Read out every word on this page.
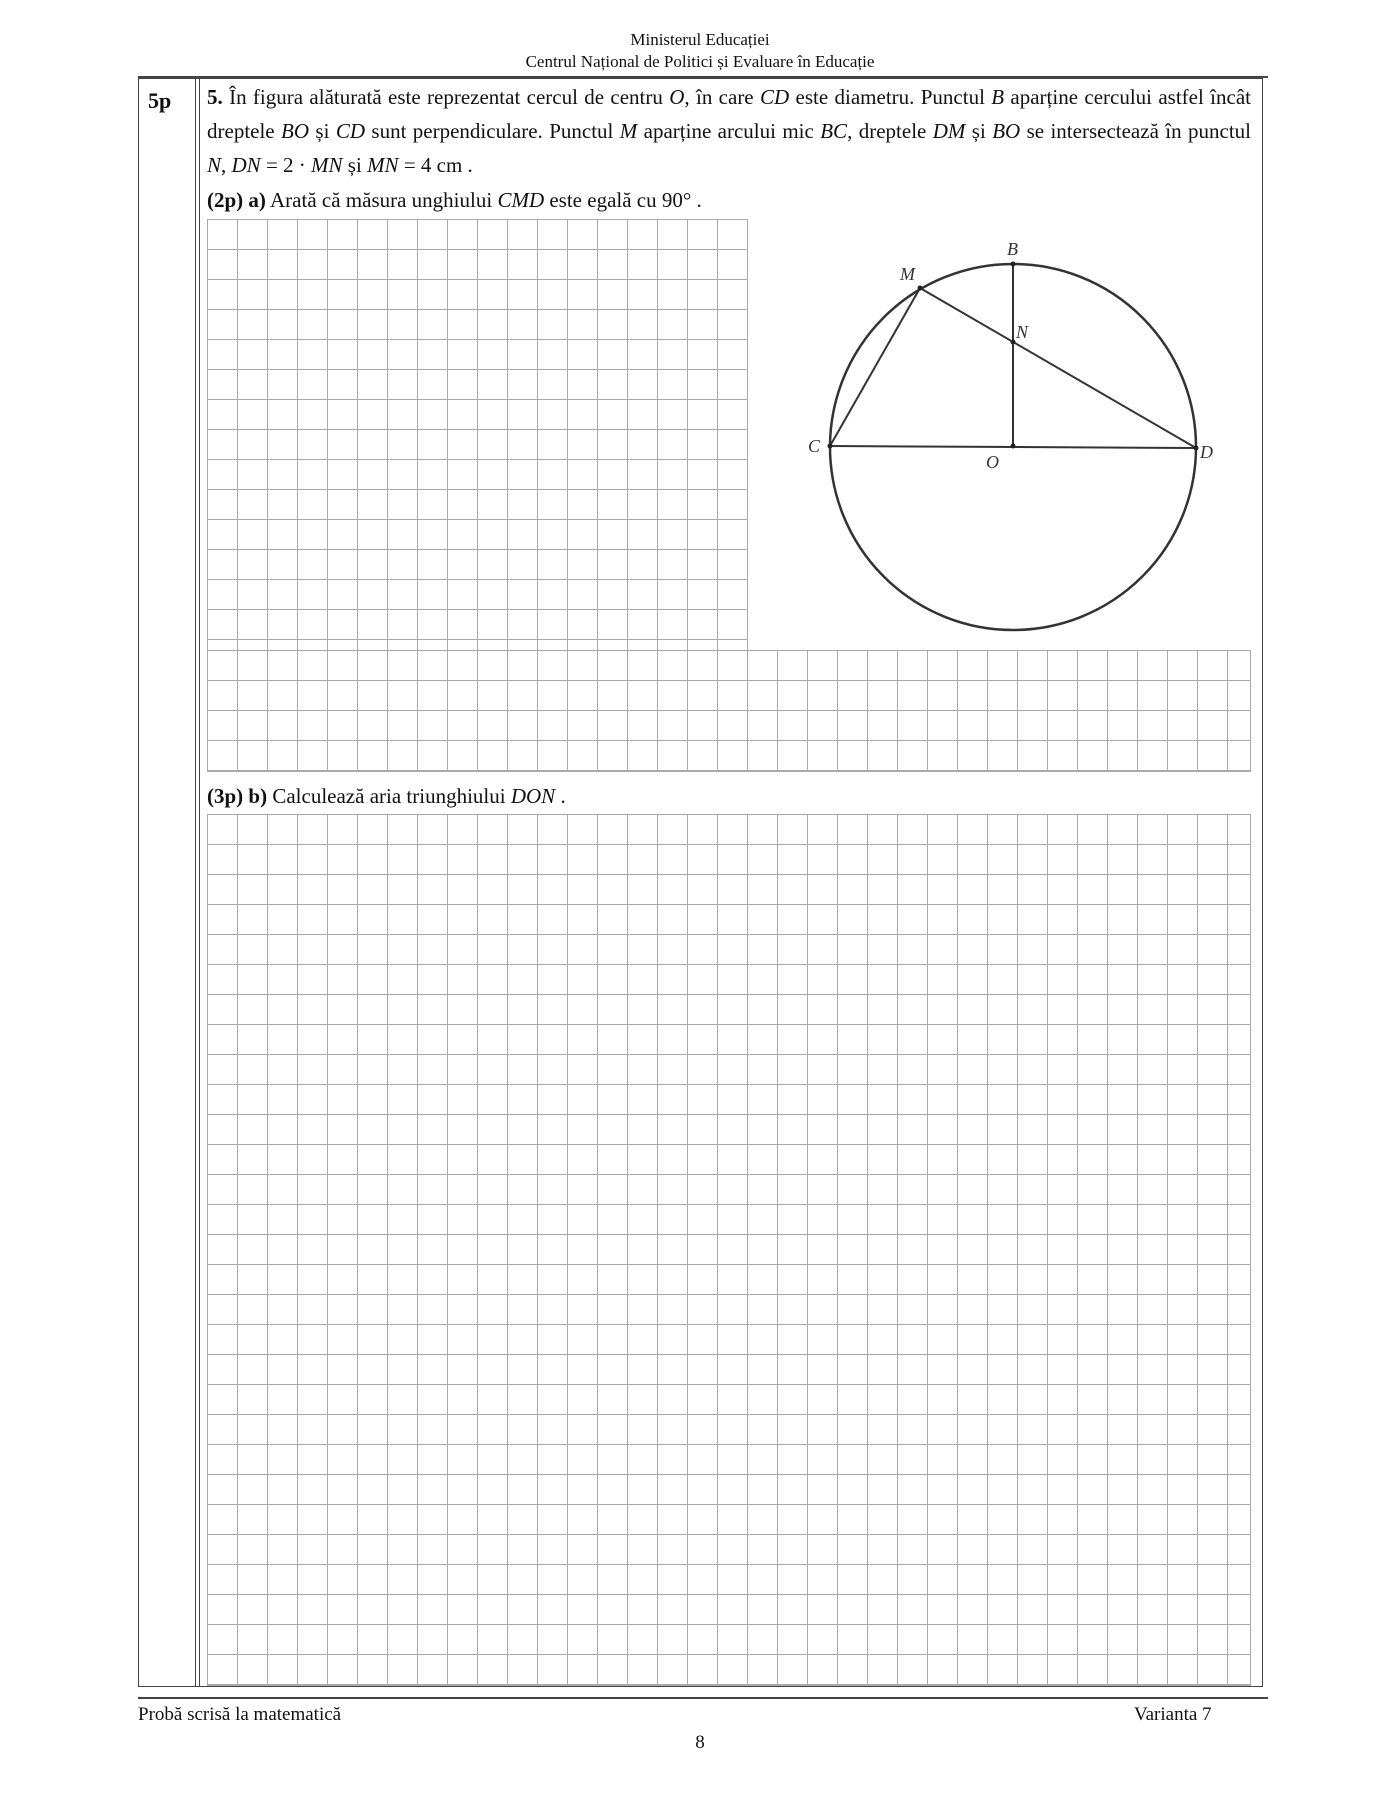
Ministerul Educației
Centrul Național de Politici și Evaluare în Educație
5p 5. În figura alăturată este reprezentat cercul de centru O, în care CD este diametru. Punctul B aparține cercului astfel încât dreptele BO și CD sunt perpendiculare. Punctul M aparține arcului mic BC, dreptele DM și BO se intersectează în punctul N, DN = 2 · MN și MN = 4 cm .
(2p) a) Arată că măsura unghiului CMD este egală cu 90° .
B
M
N
C
O	D
(3p) b) Calculează aria triunghiului DON .
Probă scrisă la matematică	Varianta 7
8
